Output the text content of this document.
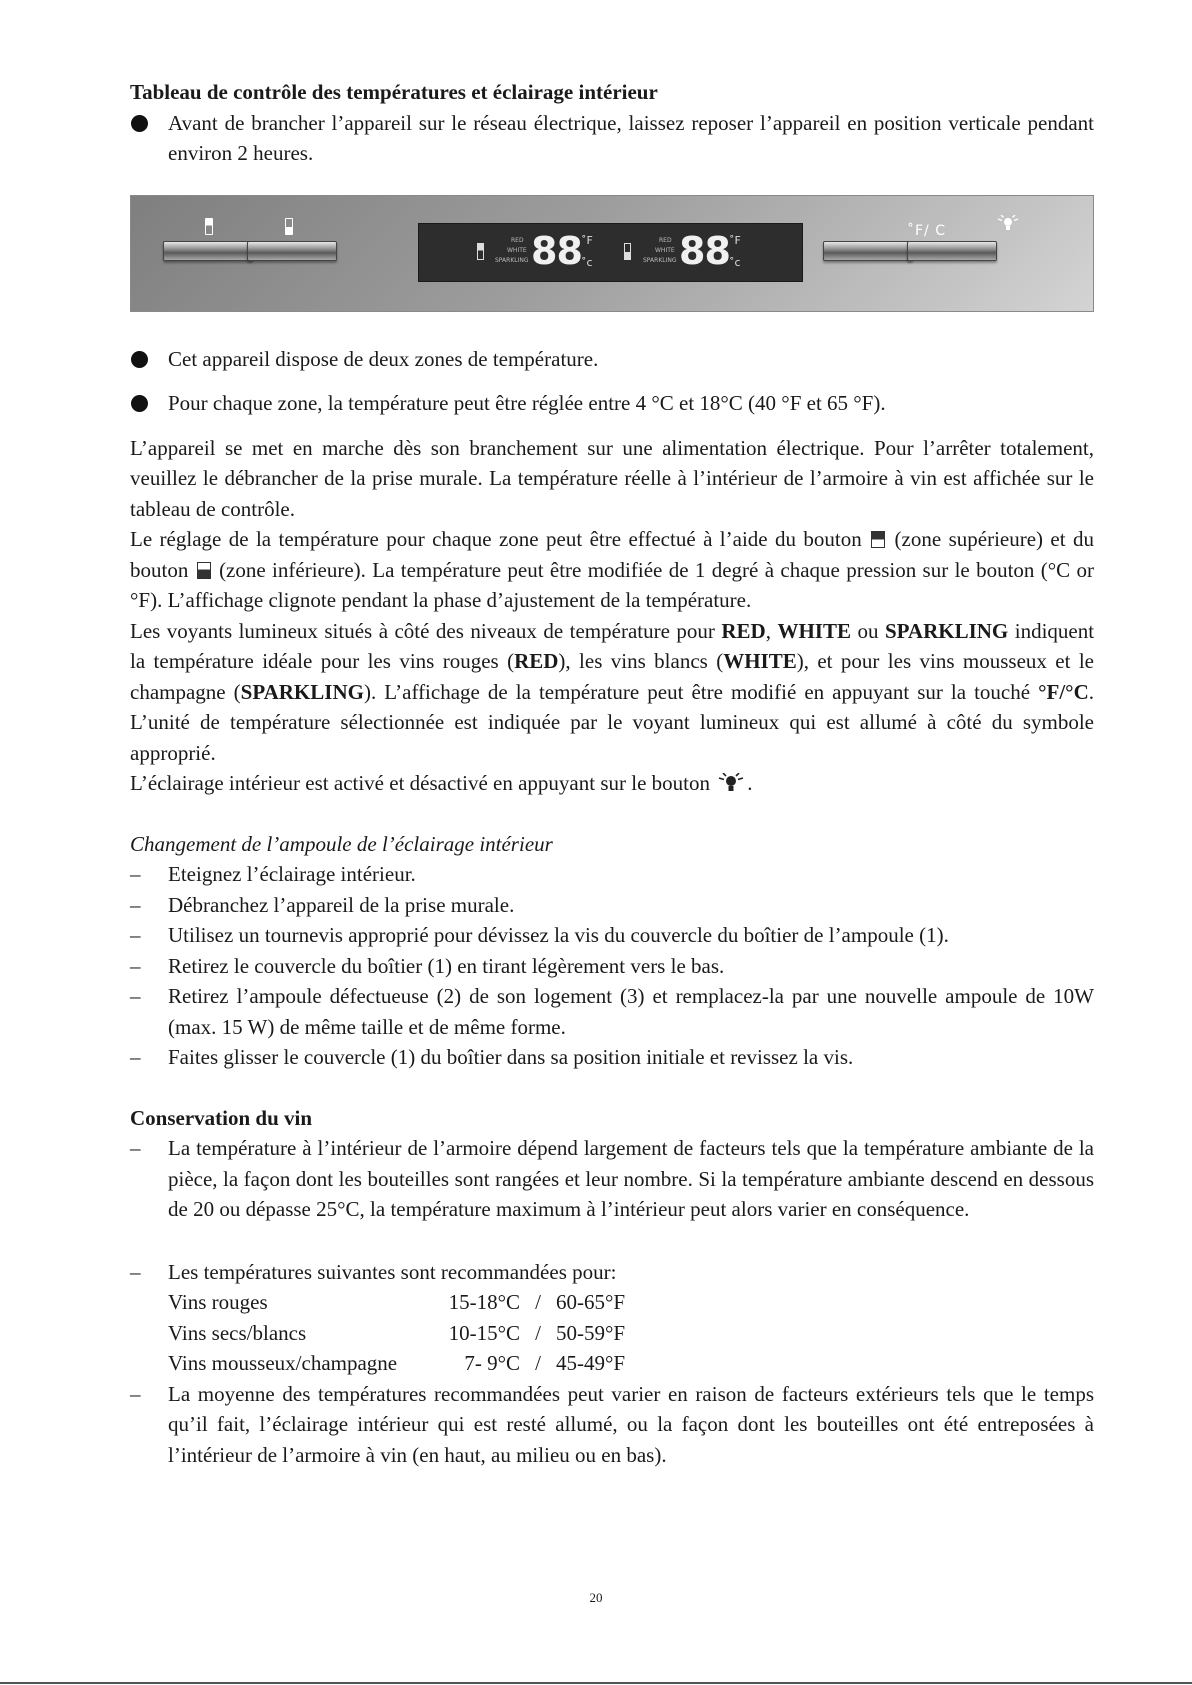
Tableau de contrôle des températures et éclairage intérieur

Avant de brancher l’appareil sur le réseau électrique, laissez reposer l’appareil en position verticale pendant environ 2 heures.
RED
WHITE
SPARKLING 88 ˚F
˚c
RED
WHITE
SPARKLING 88 ˚F
˚c
˚F/ C
Cet appareil dispose de deux zones de température.
Pour chaque zone, la température peut être réglée entre 4 °C et 18°C (40 °F et 65 °F).

L’appareil se met en marche dès son branchement sur une alimentation électrique. Pour l’arrêter totalement, veuillez le débrancher de la prise murale. La température réelle à l’intérieur de l’armoire à vin est affichée sur le tableau de contrôle.

Le réglage de la température pour chaque zone peut être effectué à l’aide du bouton (zone supérieure) et du bouton (zone inférieure). La température peut être modifiée de 1 degré à chaque pression sur le bouton (°C or °F). L’affichage clignote pendant la phase d’ajustement de la température.

Les voyants lumineux situés à côté des niveaux de température pour RED, WHITE ou SPARKLING indiquent la température idéale pour les vins rouges (RED), les vins blancs (WHITE), et pour les vins mousseux et le champagne (SPARKLING). L’affichage de la température peut être modifié en appuyant sur la touché °F/°C. L’unité de température sélectionnée est indiquée par le voyant lumineux qui est allumé à côté du symbole approprié.

L’éclairage intérieur est activé et désactivé en appuyant sur le bouton .

Changement de l’ampoule de l’éclairage intérieur

– Eteignez l’éclairage intérieur.
– Débranchez l’appareil de la prise murale.
– Utilisez un tournevis approprié pour dévissez la vis du couvercle du boîtier de l’ampoule (1).
– Retirez le couvercle du boîtier (1) en tirant légèrement vers le bas.
– Retirez l’ampoule défectueuse (2) de son logement (3) et remplacez-la par une nouvelle ampoule de 10W (max. 15 W) de même taille et de même forme.
– Faites glisser le couvercle (1) du boîtier dans sa position initiale et revissez la vis.

Conservation du vin

– La température à l’intérieur de l’armoire dépend largement de facteurs tels que la température ambiante de la pièce, la façon dont les bouteilles sont rangées et leur nombre. Si la température ambiante descend en dessous de 20 ou dépasse 25°C, la température maximum à l’intérieur peut alors varier en conséquence.
– Les températures suivantes sont recommandées pour:
Vins rouges	15-18°C	/	60-65°F
Vins secs/blancs	10-15°C	/	50-59°F
Vins mousseux/champagne	7- 9°C	/	45-49°F
– La moyenne des températures recommandées peut varier en raison de facteurs extérieurs tels que le temps qu’il fait, l’éclairage intérieur qui est resté allumé, ou la façon dont les bouteilles ont été entreposées à l’intérieur de l’armoire à vin (en haut, au milieu ou en bas).
20
